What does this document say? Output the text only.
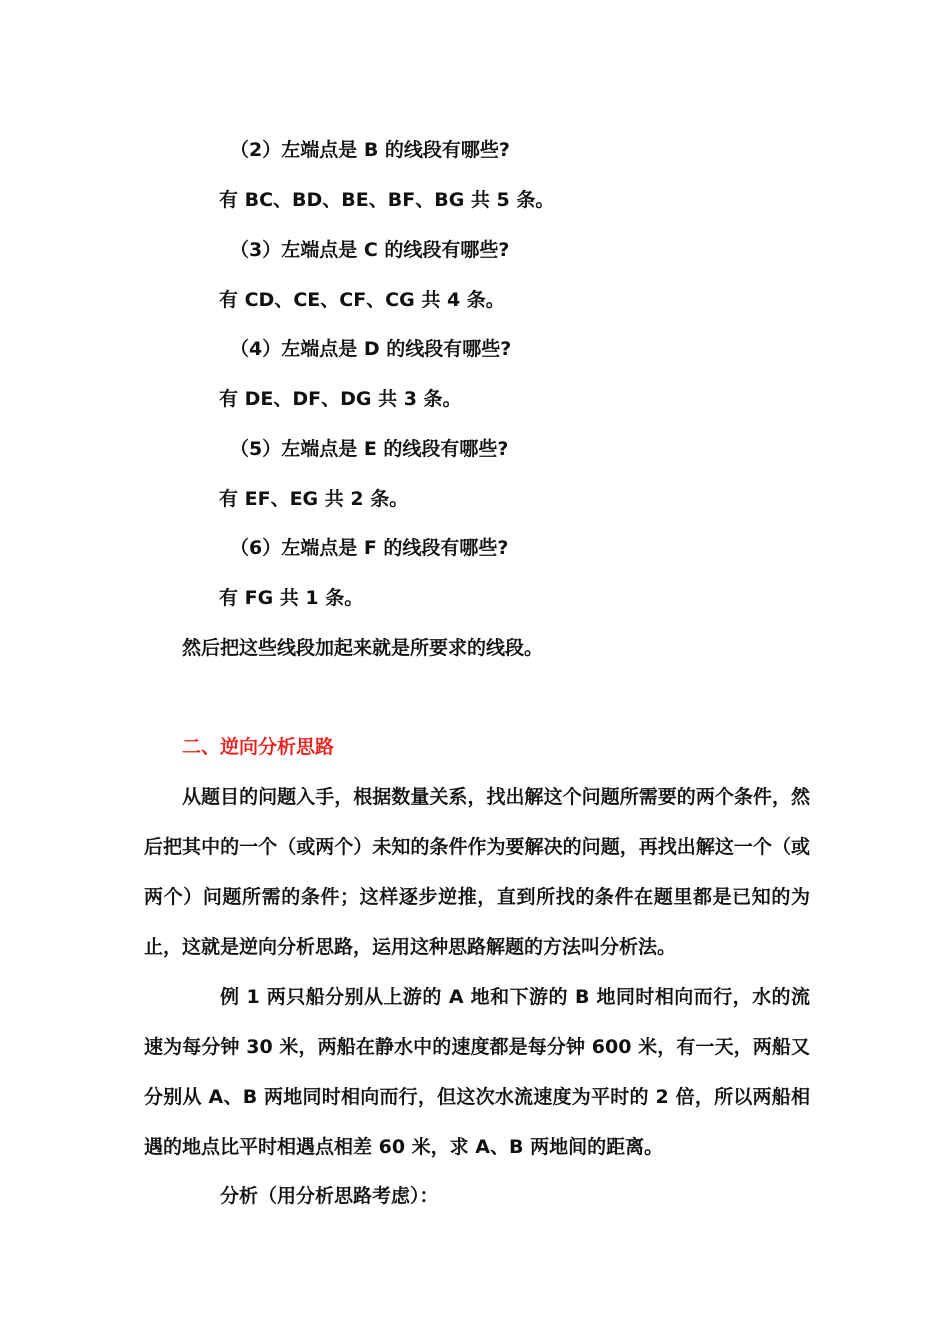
（2）左端点是 B 的线段有哪些?
有 BC、BD、BE、BF、BG 共 5 条。
（3）左端点是 C 的线段有哪些?
有 CD、CE、CF、CG 共 4 条。
（4）左端点是 D 的线段有哪些?
有 DE、DF、DG 共 3 条。
（5）左端点是 E 的线段有哪些?
有 EF、EG 共 2 条。
（6）左端点是 F 的线段有哪些?
有 FG 共 1 条。
然后把这些线段加起来就是所要求的线段。
二、逆向分析思路

从题目的问题入手，根据数量关系，找出解这个问题所需要的两个条件，然后把其中的一个（或两个）未知的条件作为要解决的问题，再找出解这一个（或两个）问题所需的条件；这样逐步逆推，直到所找的条件在题里都是已知的为止，这就是逆向分析思路，运用这种思路解题的方法叫分析法。

例 1 两只船分别从上游的 A 地和下游的 B 地同时相向而行，水的流速为每分钟 30 米，两船在静水中的速度都是每分钟 600 米，有一天，两船又分别从 A、B 两地同时相向而行，但这次水流速度为平时的 2 倍，所以两船相遇的地点比平时相遇点相差 60 米，求 A、B 两地间的距离。

分析（用分析思路考虑）：
